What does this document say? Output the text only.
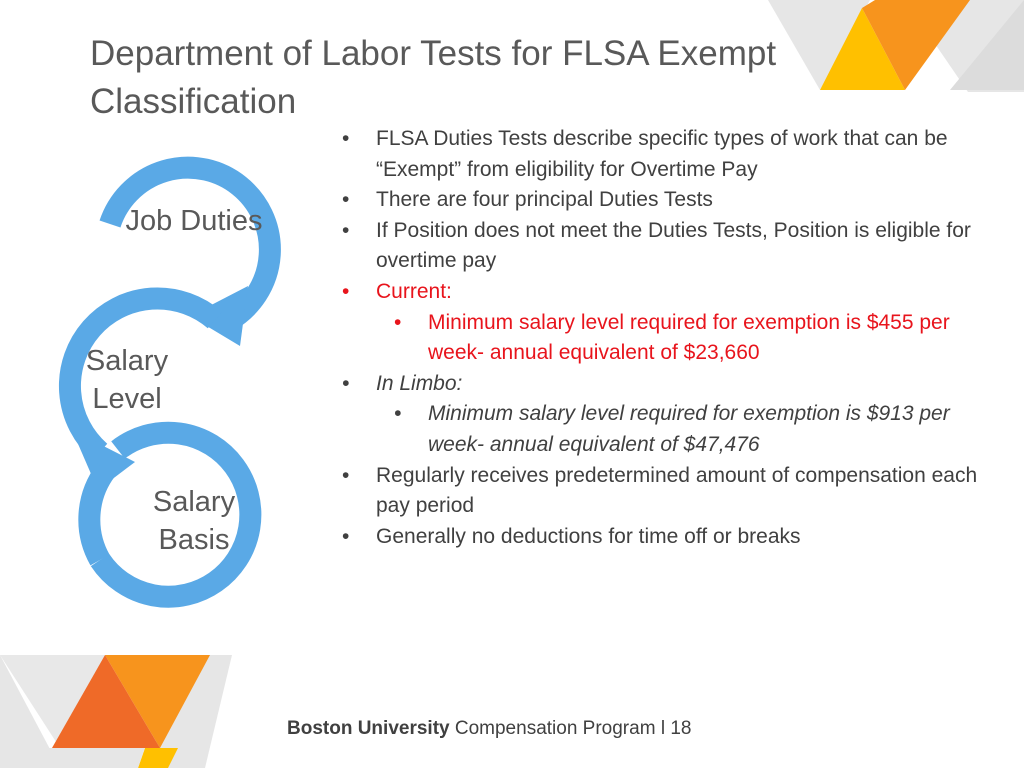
Department of Labor Tests for FLSA Exempt Classification
Job Duties
Salary Level
Salary Basis
• FLSA Duties Tests describe specific types of work that can be “Exempt” from eligibility for Overtime Pay
• There are four principal Duties Tests
• If Position does not meet the Duties Tests, Position is eligible for overtime pay
• Current:
• Minimum salary level required for exemption is $455 per week- annual equivalent of $23,660
• In Limbo:
• Minimum salary level required for exemption is $913 per week- annual equivalent of $47,476
• Regularly receives predetermined amount of compensation each pay period
• Generally no deductions for time off or breaks
Boston University Compensation Program l 18
